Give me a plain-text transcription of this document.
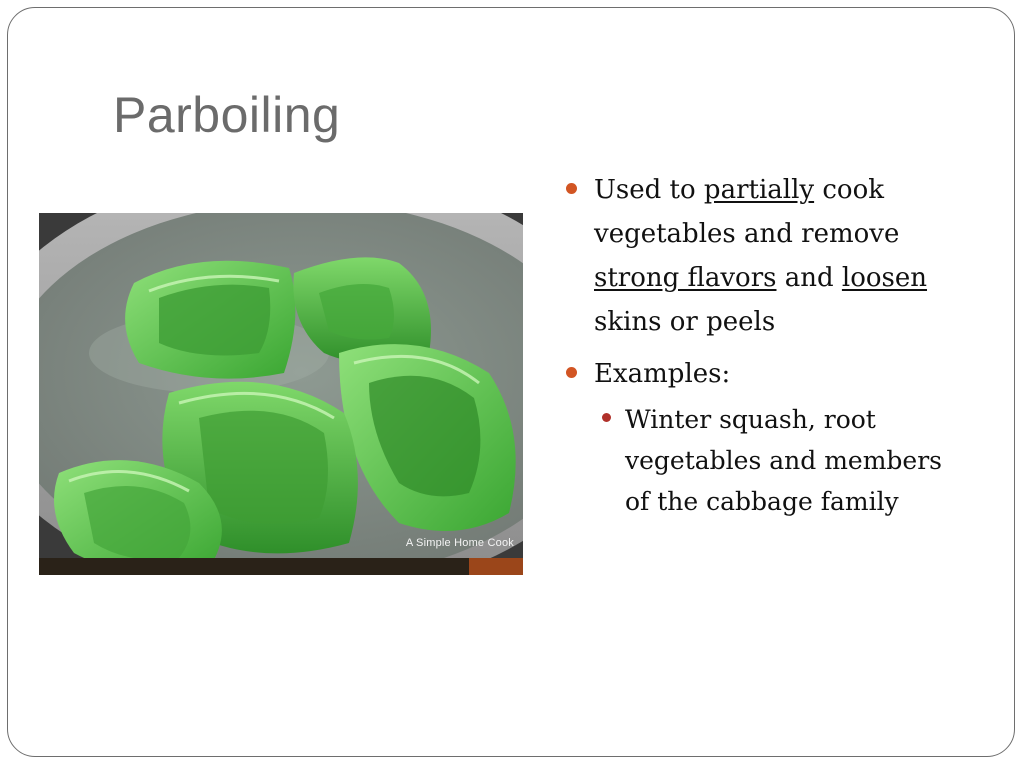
Parboiling
A Simple Home Cook
Used to partially cook vegetables and remove strong flavors and loosen skins or peels
Examples:
Winter squash, root vegetables and members of the cabbage family
